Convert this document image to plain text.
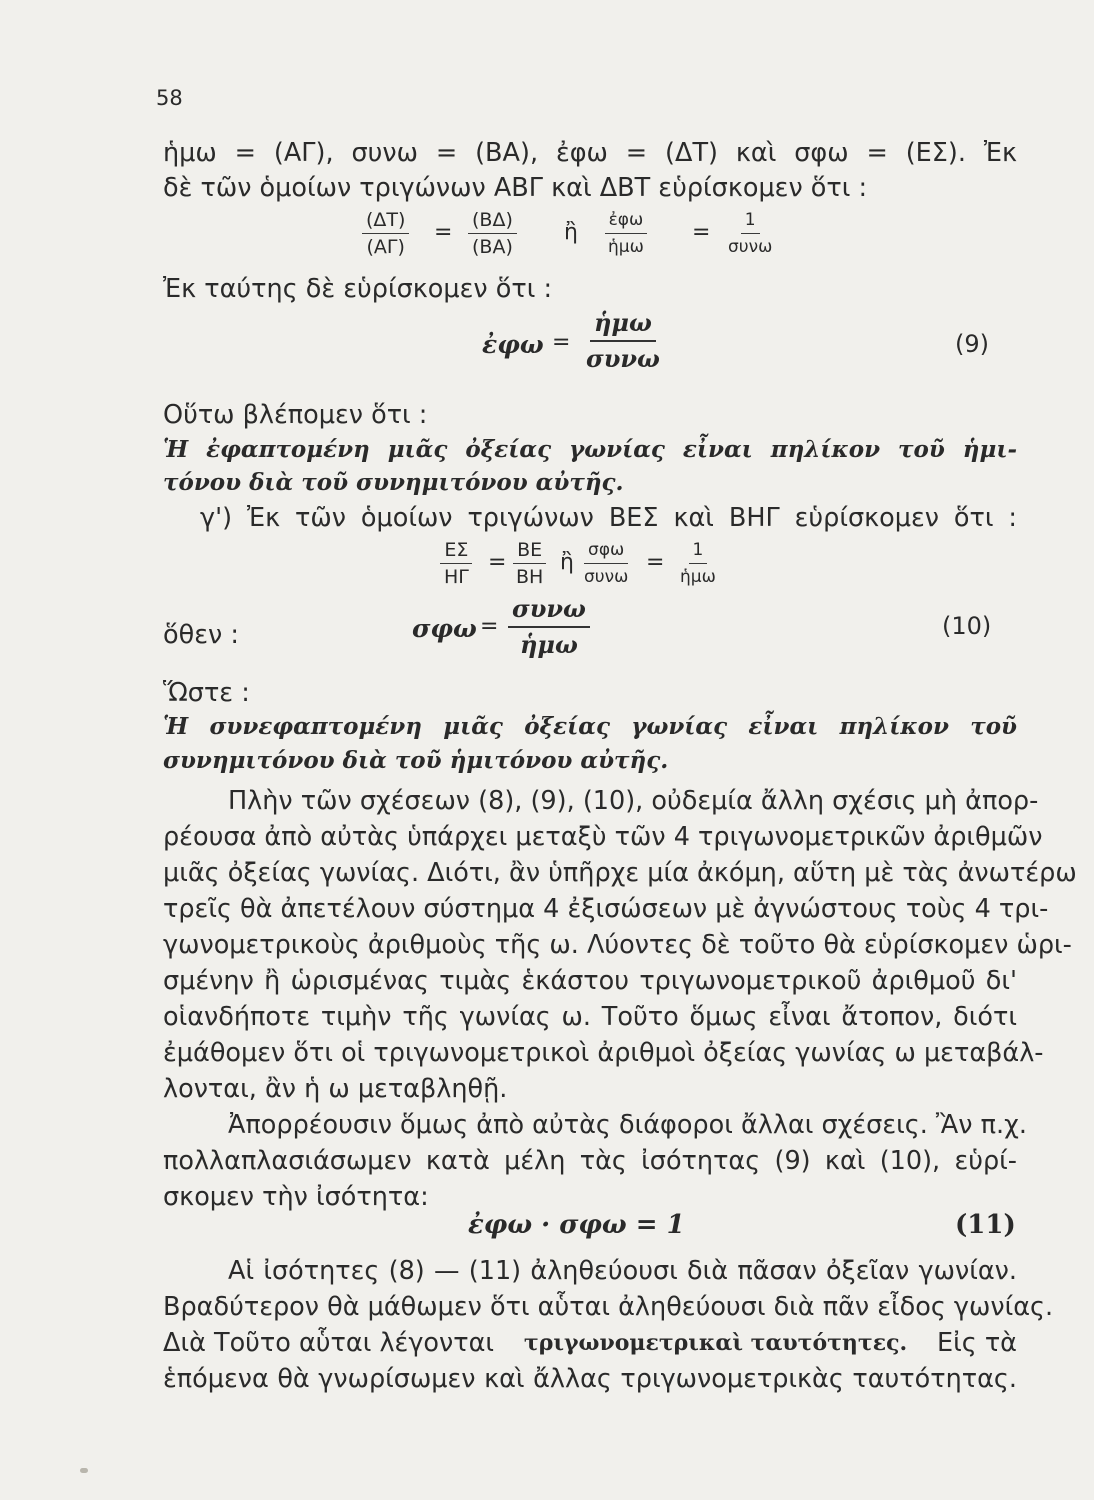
58
ἡμω = (ΑΓ), συνω = (ΒΑ), ἐφω = (ΔΤ) καὶ σφω = (ΕΣ). Ἐκ
δὲ τῶν ὁμοίων τριγώνων ΑΒΓ καὶ ΔΒΤ εὑρίσκομεν ὅτι :
$\frac{(\Delta T)}{(A\Gamma)} = \frac{(B\Delta)}{(BA)}$ ἢ ἐφω
ἡμω
= 1
συνω
Ἐκ ταύτης δὲ εὑρίσκομεν ὅτι :
ἐφω =
ἡμω
συνω	(9)
Οὕτω βλέπομεν ὅτι :
Ἡ ἐφαπτομένη μιᾶς ὀξείας γωνίας εἶναι πηλίκον τοῦ ἡμι-
τόνου διὰ τοῦ συνημιτόνου αὐτῆς.
γ') Ἐκ τῶν ὁμοίων τριγώνων ΒΕΣ καὶ ΒΗΓ εὑρίσκομεν ὅτι :
$\frac{E\Sigma}{H\Gamma} = \frac{BE}{BH}$ ἢ σφω
συνω
= 1
ἡμω
ὅθεν :	σφω =
συνω
ἡμω
(10)
Ὥστε :
Ἡ συνεφαπτομένη μιᾶς ὀξείας γωνίας εἶναι πηλίκον τοῦ
συνημιτόνου διὰ τοῦ ἡμιτόνου αὐτῆς.
Πλὴν τῶν σχέσεων (8), (9), (10), οὐδεμία ἄλλη σχέσις μὴ ἀπορ-
ρέουσα ἀπὸ αὐτὰς ὑπάρχει μεταξὺ τῶν 4 τριγωνομετρικῶν ἀριθμῶν
μιᾶς ὀξείας γωνίας. Διότι, ἂν ὑπῆρχε μία ἀκόμη, αὕτη μὲ τὰς ἀνωτέρω
τρεῖς θὰ ἀπετέλουν σύστημα 4 ἐξισώσεων μὲ ἀγνώστους τοὺς 4 τρι-
γωνομετρικοὺς ἀριθμοὺς τῆς ω. Λύοντες δὲ τοῦτο θὰ εὑρίσκομεν ὡρι-
σμένην ἢ ὡρισμένας τιμὰς ἑκάστου τριγωνομετρικοῦ ἀριθμοῦ δι'
οἱανδήποτε τιμὴν τῆς γωνίας ω. Τοῦτο ὅμως εἶναι ἄτοπον, διότι
ἐμάθομεν ὅτι οἱ τριγωνομετρικοὶ ἀριθμοὶ ὀξείας γωνίας ω μεταβάλ-
λονται, ἂν ἡ ω μεταβληθῇ.
Ἀπορρέουσιν ὅμως ἀπὸ αὐτὰς διάφοροι ἄλλαι σχέσεις. Ἂν π.χ.
πολλαπλασιάσωμεν κατὰ μέλη τὰς ἰσότητας (9) καὶ (10), εὑρί-
σκομεν τὴν ἰσότητα:
ἐφω · σφω = 1	(11)
Αἱ ἰσότητες (8) — (11) ἀληθεύουσι διὰ πᾶσαν ὀξεῖαν γωνίαν.
Βραδύτερον θὰ μάθωμεν ὅτι αὗται ἀληθεύουσι διὰ πᾶν εἶδος γωνίας.
Διὰ Τοῦτο αὗται λέγονται τριγωνομετρικαὶ ταυτότητες. Εἰς τὰ
ἑπόμενα θὰ γνωρίσωμεν καὶ ἄλλας τριγωνομετρικὰς ταυτότητας.
